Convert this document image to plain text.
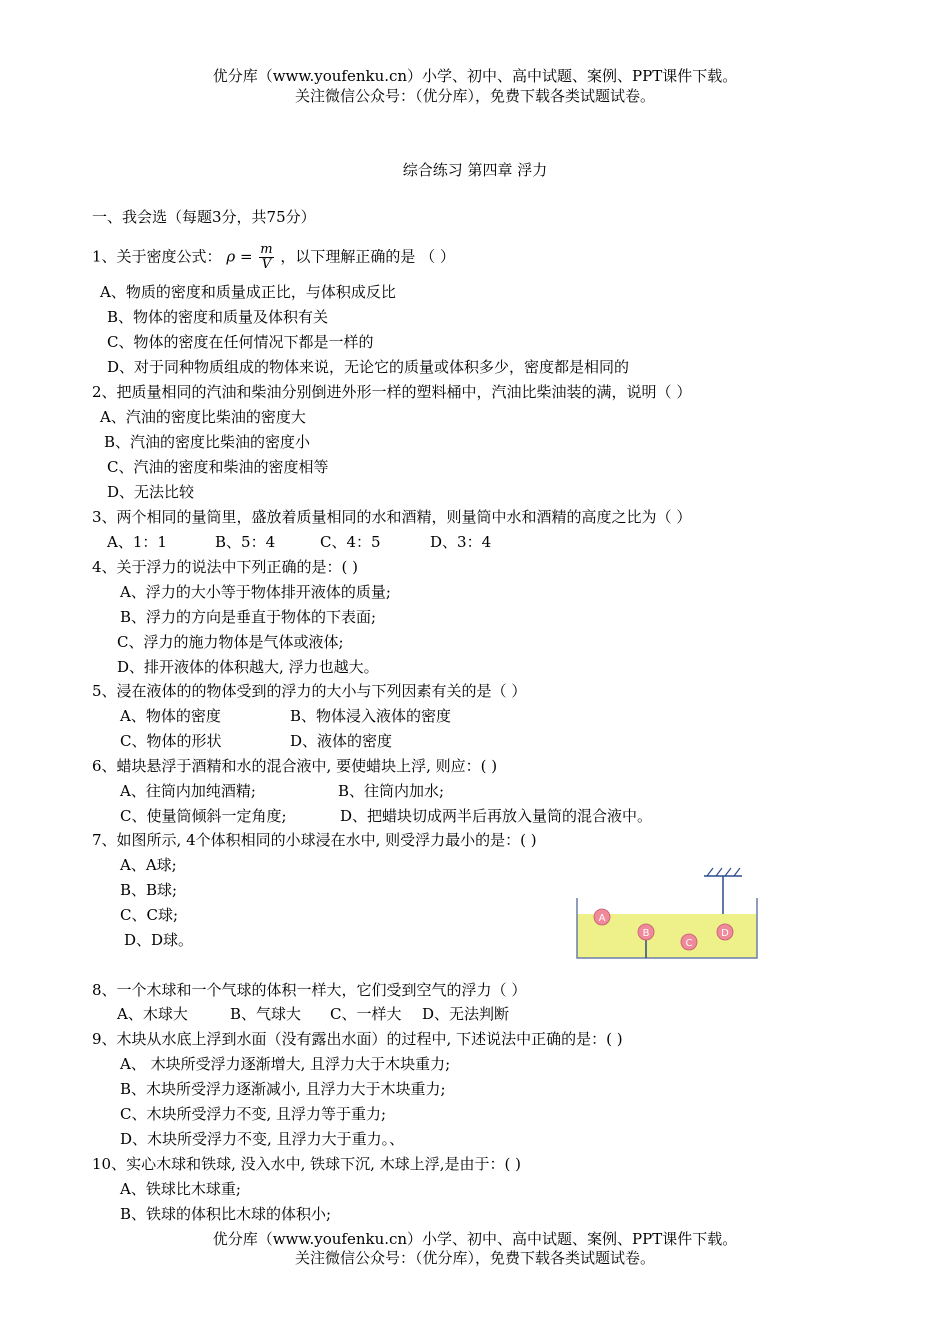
优分库（www.youfenku.cn）小学、初中、高中试题、案例、PPT课件下载。
关注微信公众号：（优分库），免费下载各类试题试卷。
综合练习 第四章 浮力
一、我会选（每题3分，共75分）
1、关于密度公式： $\rho = \frac{m}{V}$ ，以下理解正确的是 （ ）
A、物质的密度和质量成正比，与体积成反比
B、物体的密度和质量及体积有关
C、物体的密度在任何情况下都是一样的
D、对于同种物质组成的物体来说，无论它的质量或体积多少，密度都是相同的
2、把质量相同的汽油和柴油分别倒进外形一样的塑料桶中，汽油比柴油装的满，说明（ ）
A、汽油的密度比柴油的密度大
B、汽油的密度比柴油的密度小
C、汽油的密度和柴油的密度相等
D、无法比较
3、两个相同的量筒里，盛放着质量相同的水和酒精，则量筒中水和酒精的高度之比为（ ）
A、1：1	B、5：4	C、4：5	D、3：4
4、关于浮力的说法中下列正确的是：( )
A、浮力的大小等于物体排开液体的质量;
B、浮力的方向是垂直于物体的下表面;
C、浮力的施力物体是气体或液体;
D、排开液体的体积越大, 浮力也越大。
5、浸在液体的的物体受到的浮力的大小与下列因素有关的是（ ）
A、物体的密度	B、物体浸入液体的密度
C、物体的形状	D、液体的密度
6、蜡块悬浮于酒精和水的混合液中, 要使蜡块上浮, 则应：( )
A、往筒内加纯酒精;	B、往筒内加水;
C、使量筒倾斜一定角度;	D、把蜡块切成两半后再放入量筒的混合液中。
7、如图所示, 4个体积相同的小球浸在水中, 则受浮力最小的是：( )
A、A球;
B、B球;
C、C球;
D、D球。
A
B
C
D
8、一个木球和一个气球的体积一样大，它们受到空气的浮力（ ）
A、木球大	B、气球大 C、一样大 D、无法判断
9、木块从水底上浮到水面（没有露出水面）的过程中, 下述说法中正确的是：( )
A、 木块所受浮力逐渐增大, 且浮力大于木块重力;
B、木块所受浮力逐渐减小, 且浮力大于木块重力;
C、木块所受浮力不变, 且浮力等于重力;
D、木块所受浮力不变, 且浮力大于重力。、
10、实心木球和铁球, 没入水中, 铁球下沉, 木球上浮,是由于：( )
A、铁球比木球重;
B、铁球的体积比木球的体积小;
优分库（www.youfenku.cn）小学、初中、高中试题、案例、PPT课件下载。
关注微信公众号：（优分库），免费下载各类试题试卷。
